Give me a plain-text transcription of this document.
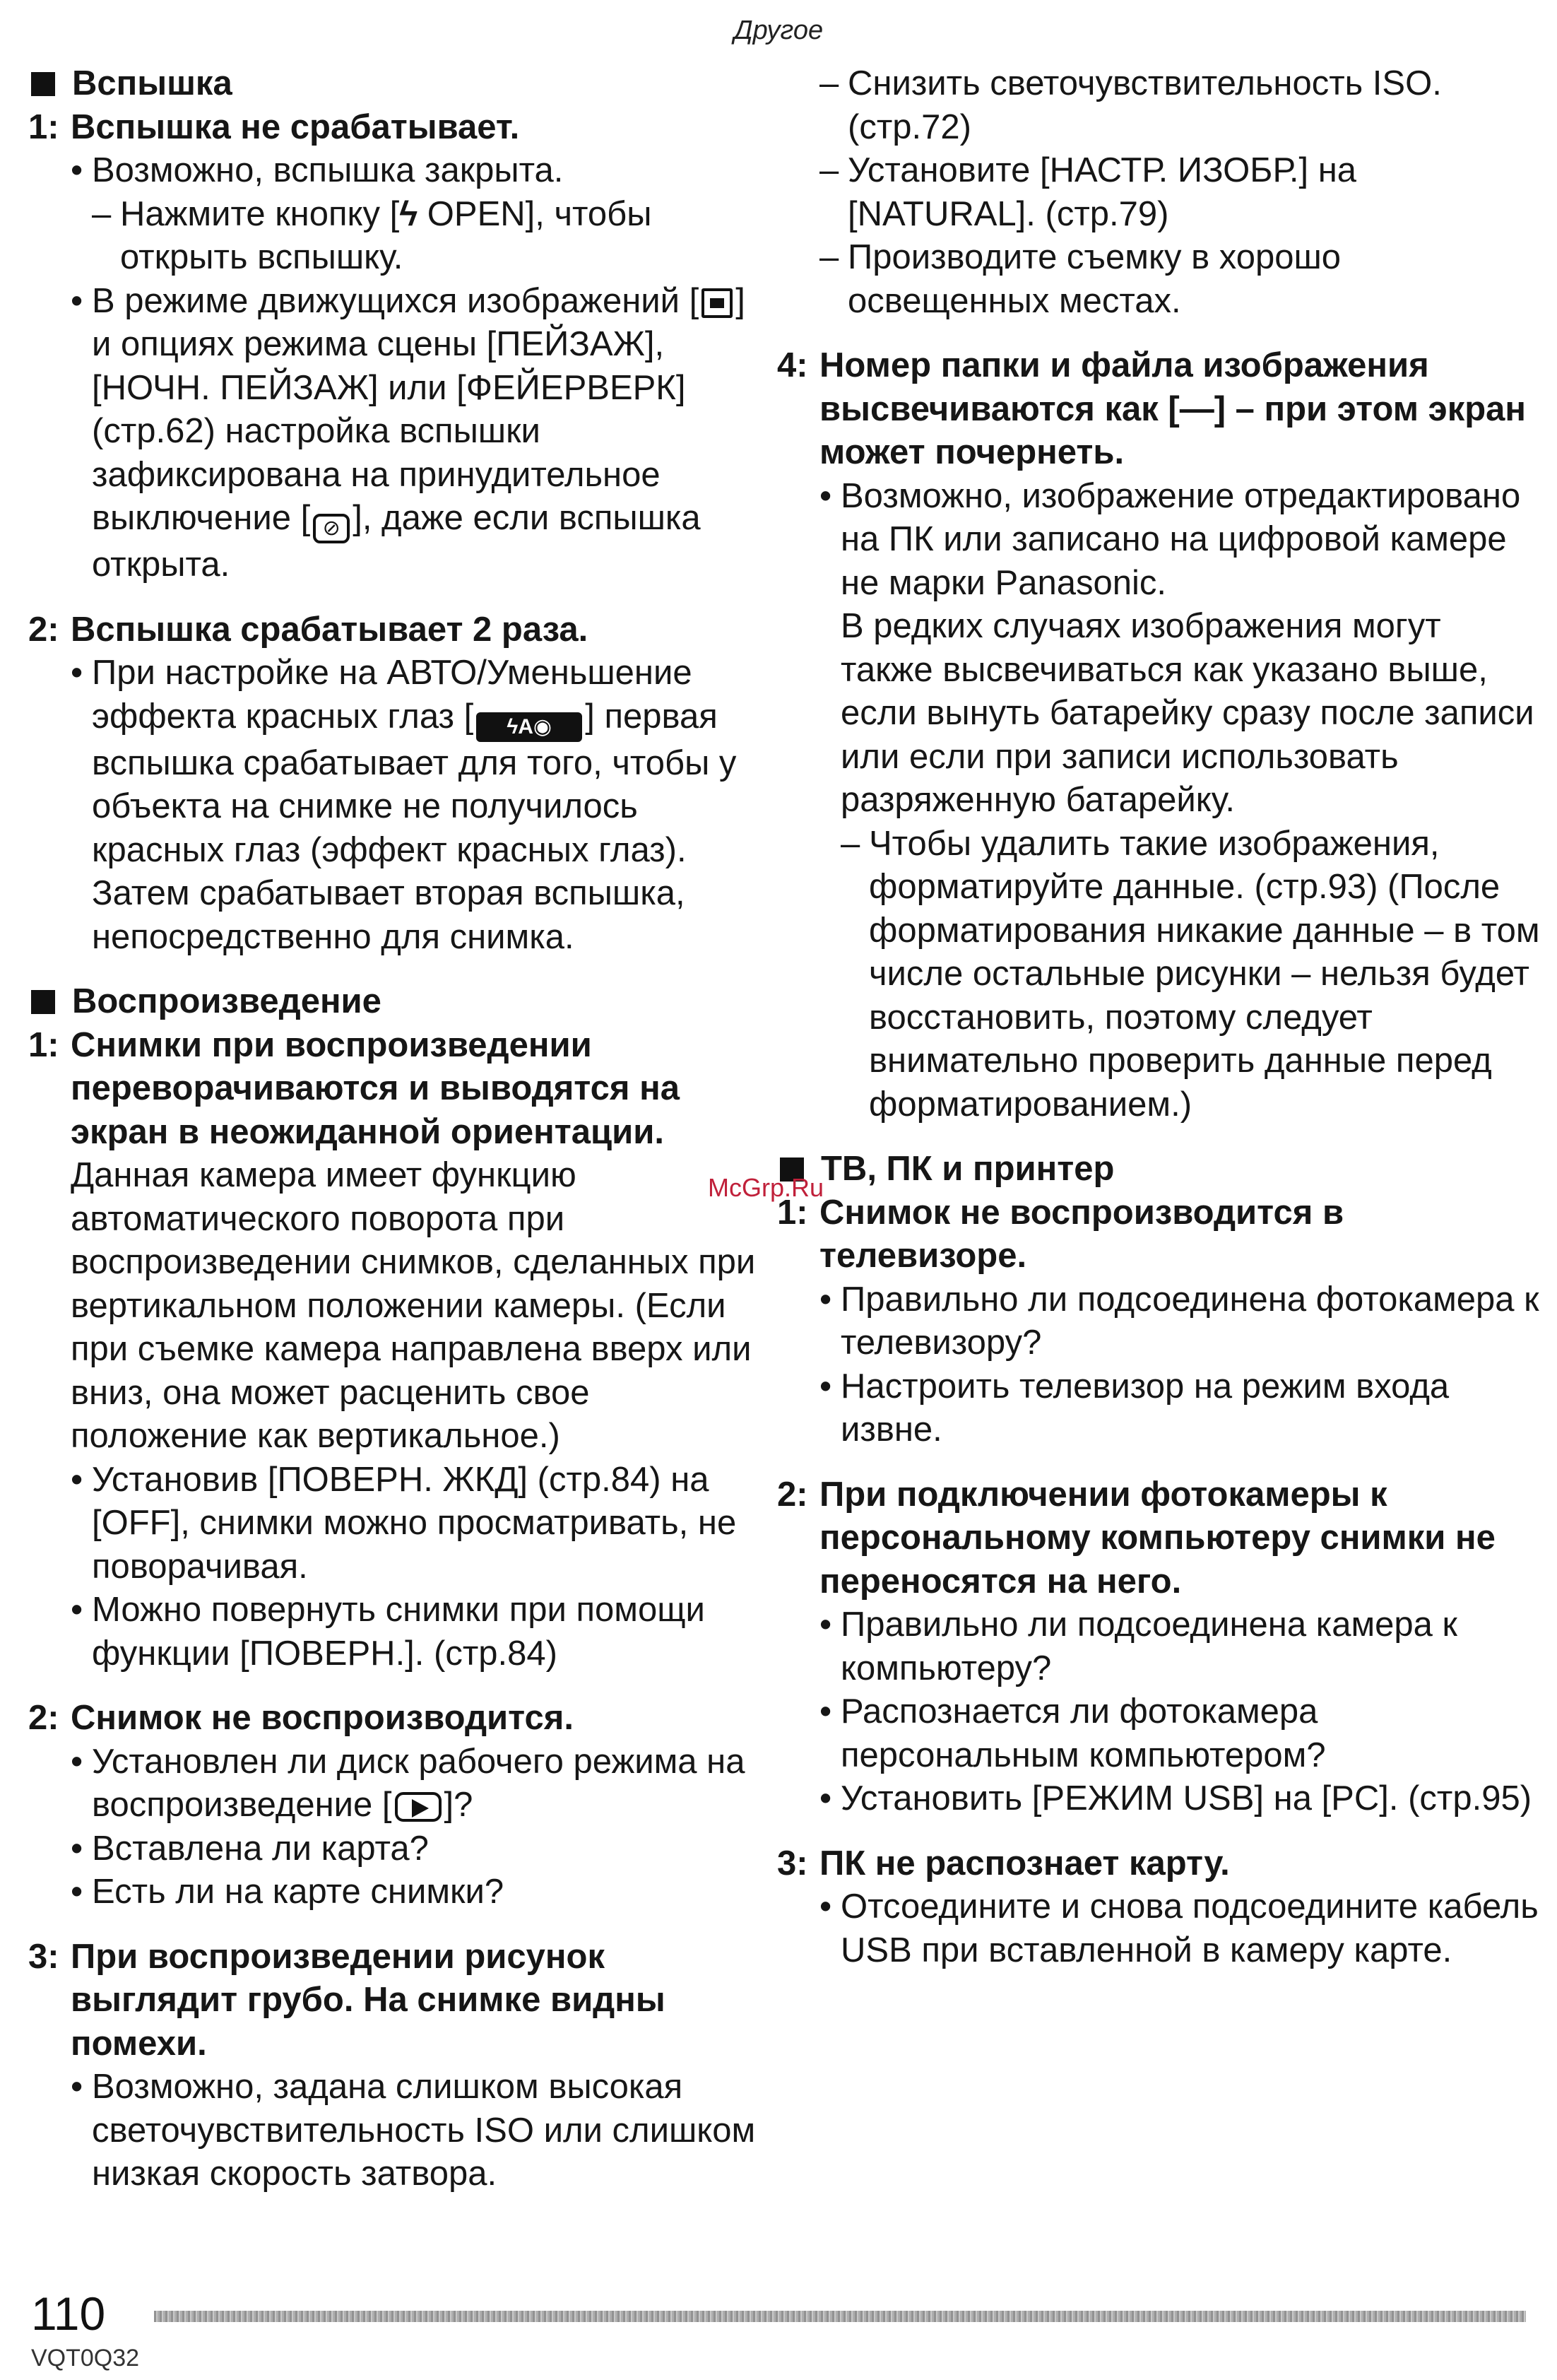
Другое
Вспышка
1: Вспышка не срабатывает.
• Возможно, вспышка закрыта.
– Нажмите кнопку [ϟ OPEN], чтобы открыть вспышку.
• В режиме движущихся изображений [ ] и опциях режима сцены [ПЕЙЗАЖ], [НОЧН. ПЕЙЗАЖ] или [ФЕЙЕРВЕРК] (стр.62) настройка вспышки зафиксирована на принудительное выключение [ ⊘ ], даже если вспышка открыта.
2: Вспышка срабатывает 2 раза.
• При настройке на АВТО/Уменьшение эффекта красных глаз [ ϟA◉ ] первая вспышка срабатывает для того, чтобы у объекта на снимке не получилось красных глаз (эффект красных глаз). Затем срабатывает вторая вспышка, непосредственно для снимка.
Воспроизведение
1: Снимки при воспроизведении переворачиваются и выводятся на экран в неожиданной ориентации.
Данная камера имеет функцию автоматического поворота при воспроизведении снимков, сделанных при вертикальном положении камеры. (Если при съемке камера направлена вверх или вниз, она может расценить свое положение как вертикальное.)
• Установив [ПОВЕРН. ЖКД] (стр.84) на [OFF], снимки можно просматривать, не поворачивая.
• Можно повернуть снимки при помощи функции [ПОВЕРН.]. (стр.84)
2: Снимок не воспроизводится.
• Установлен ли диск рабочего режима на воспроизведение [ ]?
• Вставлена ли карта?
• Есть ли на карте снимки?
3: При воспроизведении рисунок выглядит грубо. На снимке видны помехи.
• Возможно, задана слишком высокая светочувствительность ISO или слишком низкая скорость затвора.
– Снизить светочувствительность ISO. (стр.72)
– Установите [НАСТР. ИЗОБР.] на [NATURAL]. (стр.79)
– Производите съемку в хорошо освещенных местах.
4: Номер папки и файла изображения высвечиваются как [—] – при этом экран может почернеть.
• Возможно, изображение отредактировано на ПК или записано на цифровой камере не марки Panasonic.
В редких случаях изображения могут также высвечиваться как указано выше, если вынуть батарейку сразу после записи или если при записи использовать разряженную батарейку.
– Чтобы удалить такие изображения, форматируйте данные. (стр.93) (После форматирования никакие данные – в том числе остальные рисунки – нельзя будет восстановить, поэтому следует внимательно проверить данные перед форматированием.)
ТВ, ПК и принтер
1: Снимок не воспроизводится в телевизоре.
• Правильно ли подсоединена фотокамера к телевизору?
• Настроить телевизор на режим входа извне.
2: При подключении фотокамеры к персональному компьютеру снимки не переносятся на него.
• Правильно ли подсоединена камера к компьютеру?
• Распознается ли фотокамера персональным компьютером?
• Установить [РЕЖИМ USB] на [PC]. (стр.95)
3: ПК не распознает карту.
• Отсоедините и снова подсоедините кабель USB при вставленной в камеру карте.
McGrp.Ru
110
VQT0Q32
